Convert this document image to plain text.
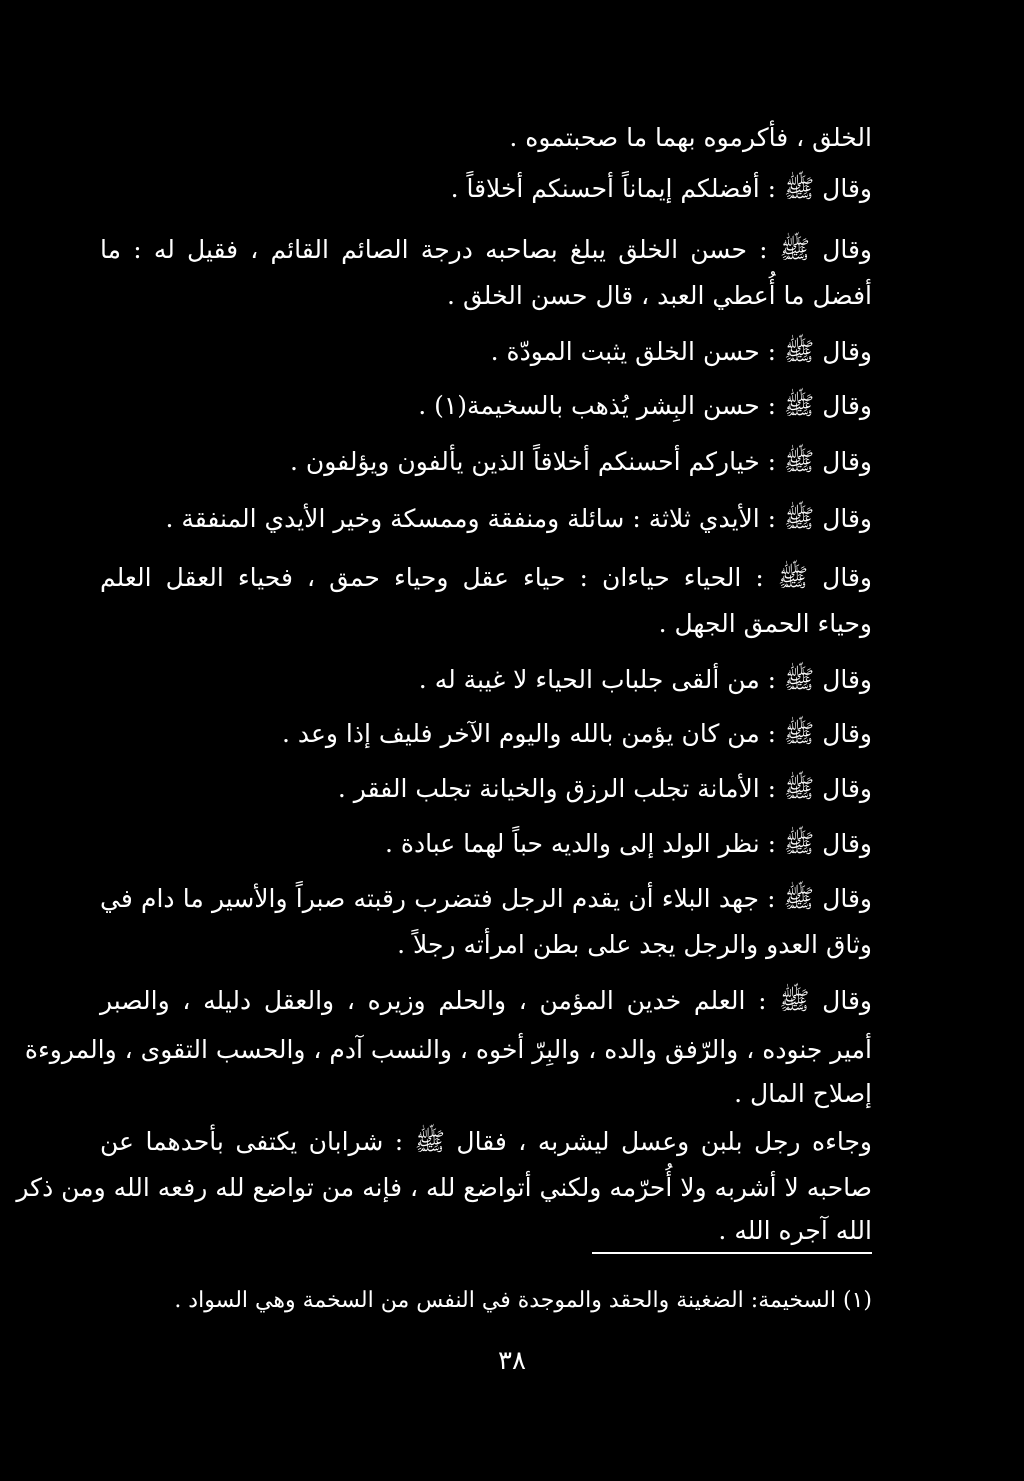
الخلق ، فأكرموه بهما ما صحبتموه .
وقال ﷺ : أفضلكم إيماناً أحسنكم أخلاقاً .
وقال ﷺ : حسن الخلق يبلغ بصاحبه درجة الصائم القائم ، فقيل له : ما
أفضل ما أُعطي العبد ، قال حسن الخلق .
وقال ﷺ : حسن الخلق يثبت المودّة .
وقال ﷺ : حسن البِشر يُذهب بالسخيمة(١) .
وقال ﷺ : خياركم أحسنكم أخلاقاً الذين يألفون ويؤلفون .
وقال ﷺ : الأيدي ثلاثة : سائلة ومنفقة وممسكة وخير الأيدي المنفقة .
وقال ﷺ : الحياء حياءان : حياء عقل وحياء حمق ، فحياء العقل العلم
وحياء الحمق الجهل .
وقال ﷺ : من ألقى جلباب الحياء لا غيبة له .
وقال ﷺ : من كان يؤمن بالله واليوم الآخر فليف إذا وعد .
وقال ﷺ : الأمانة تجلب الرزق والخيانة تجلب الفقر .
وقال ﷺ : نظر الولد إلى والديه حباً لهما عبادة .
وقال ﷺ : جهد البلاء أن يقدم الرجل فتضرب رقبته صبراً والأسير ما دام في
وثاق العدو والرجل يجد على بطن امرأته رجلاً .
وقال ﷺ : العلم خدين المؤمن ، والحلم وزيره ، والعقل دليله ، والصبر
أمير جنوده ، والرّفق والده ، والبِرّ أخوه ، والنسب آدم ، والحسب التقوى ، والمروءة
إصلاح المال .
وجاءه رجل بلبن وعسل ليشربه ، فقال ﷺ : شرابان يكتفى بأحدهما عن
صاحبه لا أشربه ولا أُحرّمه ولكني أتواضع لله ، فإنه من تواضع لله رفعه الله ومن ذكر
الله آجره الله .
(١) السخيمة: الضغينة والحقد والموجدة في النفس من السخمة وهي السواد .
٣٨
